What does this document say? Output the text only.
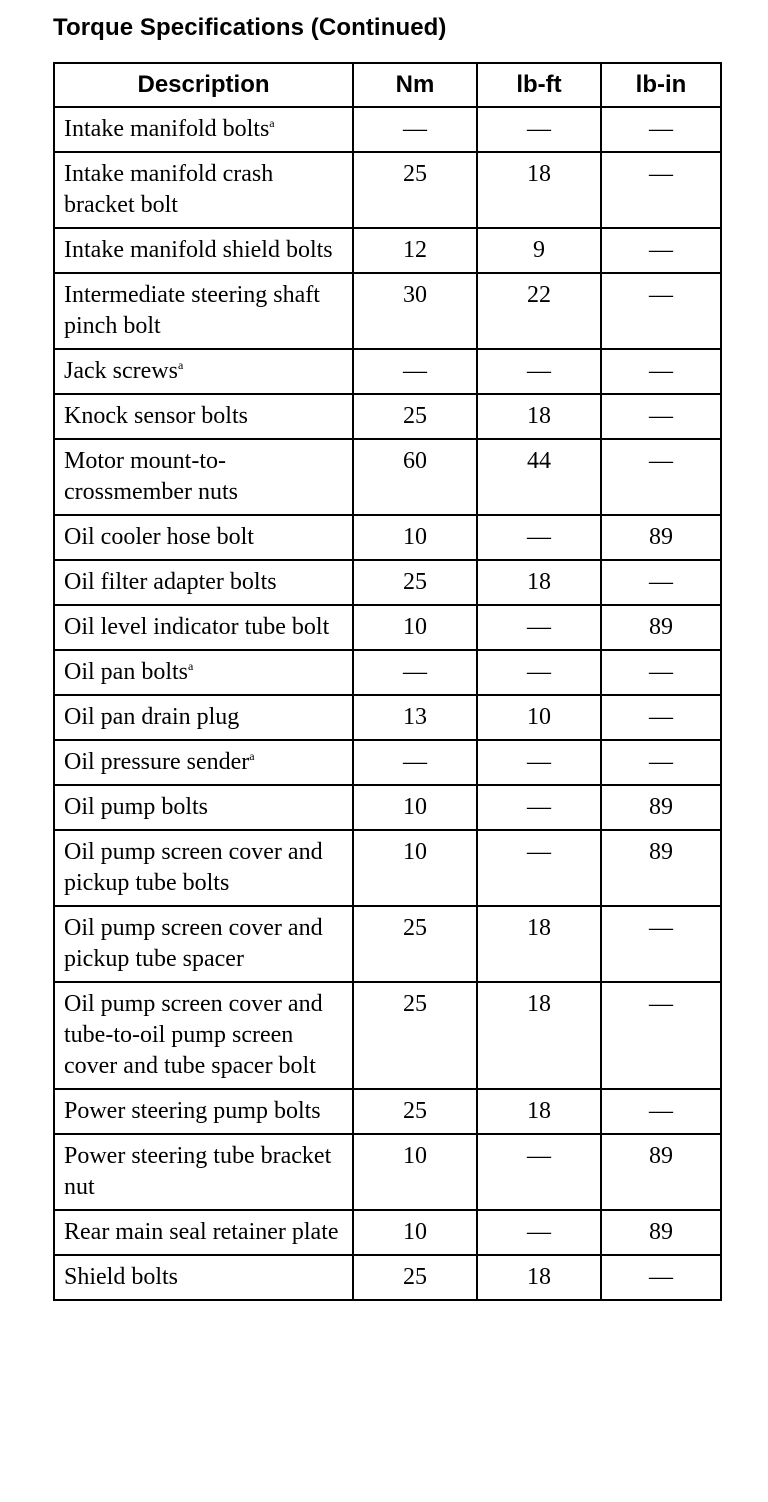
Torque Specifications (Continued)
Description	Nm	lb-ft	lb-in
Intake manifold bolts$^a$	—	—	—
Intake manifold crash bracket bolt	25	18	—
Intake manifold shield bolts	12	9	—
Intermediate steering shaft pinch bolt	30	22	—
Jack screws$^a$	—	—	—
Knock sensor bolts	25	18	—
Motor mount-to-crossmember nuts	60	44	—
Oil cooler hose bolt	10	—	89
Oil filter adapter bolts	25	18	—
Oil level indicator tube bolt	10	—	89
Oil pan bolts$^a$	—	—	—
Oil pan drain plug	13	10	—
Oil pressure sender$^a$	—	—	—
Oil pump bolts	10	—	89
Oil pump screen cover and pickup tube bolts	10	—	89
Oil pump screen cover and pickup tube spacer	25	18	—
Oil pump screen cover and tube-to-oil pump screen cover and tube spacer bolt	25	18	—
Power steering pump bolts	25	18	—
Power steering tube bracket nut	10	—	89
Rear main seal retainer plate	10	—	89
Shield bolts	25	18	—
